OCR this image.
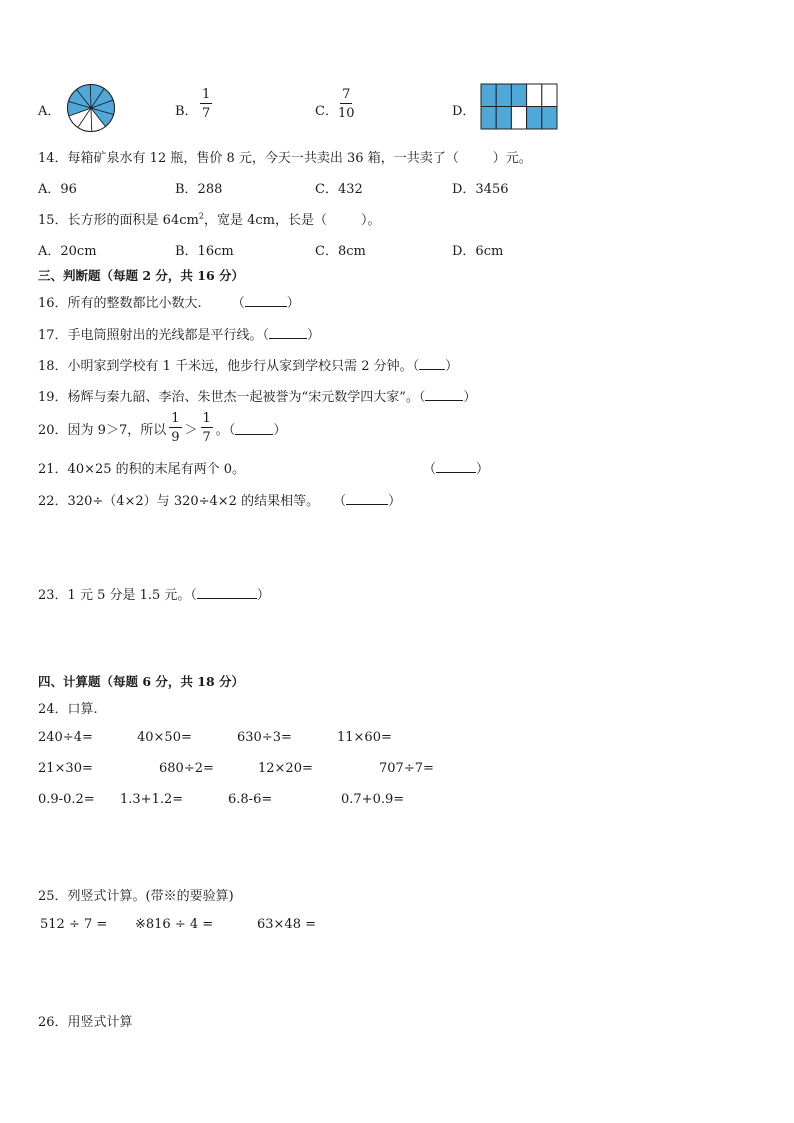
A．	B． $\frac{1}{7}$	C． $\frac{7}{10}$	D．
14．每箱矿泉水有 12 瓶，售价 8 元，今天一共卖出 36 箱，一共卖了（	）元。
A．96	B．288	C．432	D．3456
15．长方形的面积是 $64cm^2$，宽是 4cm，长是（	）。
A．20cm	B．16cm	C．8cm	D．6cm
三、判断题（每题 2 分，共 16 分）
16．所有的整数都比小数大. （	）
17．手电筒照射出的光线都是平行线。（	）
18．小明家到学校有 1 千米远，他步行从家到学校只需 2 分钟。（ ）
19．杨辉与秦九韶、李治、朱世杰一起被誉为“宋元数学四大家”。（	）
20．因为 9＞7，所以 $\frac{1}{9} > \frac{1}{7}$ 。（	）
21．40×25 的积的末尾有两个 0。	（	）
22．320÷（4×2）与 320÷4×2 的结果相等。 （	）
23．1 元 5 分是 1.5 元。（	）
四、计算题（每题 6 分，共 18 分）
24．口算.
240÷4=	40×50=	630÷3=	11×60=
21×30=	680÷2=	12×20=	707÷7=
0.9-0.2= 1.3+1.2=	6.8-6=	0.7+0.9=
25．列竖式计算。(带※的要验算)
512 ÷ 7 = ※816 ÷ 4 =	63×48 =
26．用竖式计算
